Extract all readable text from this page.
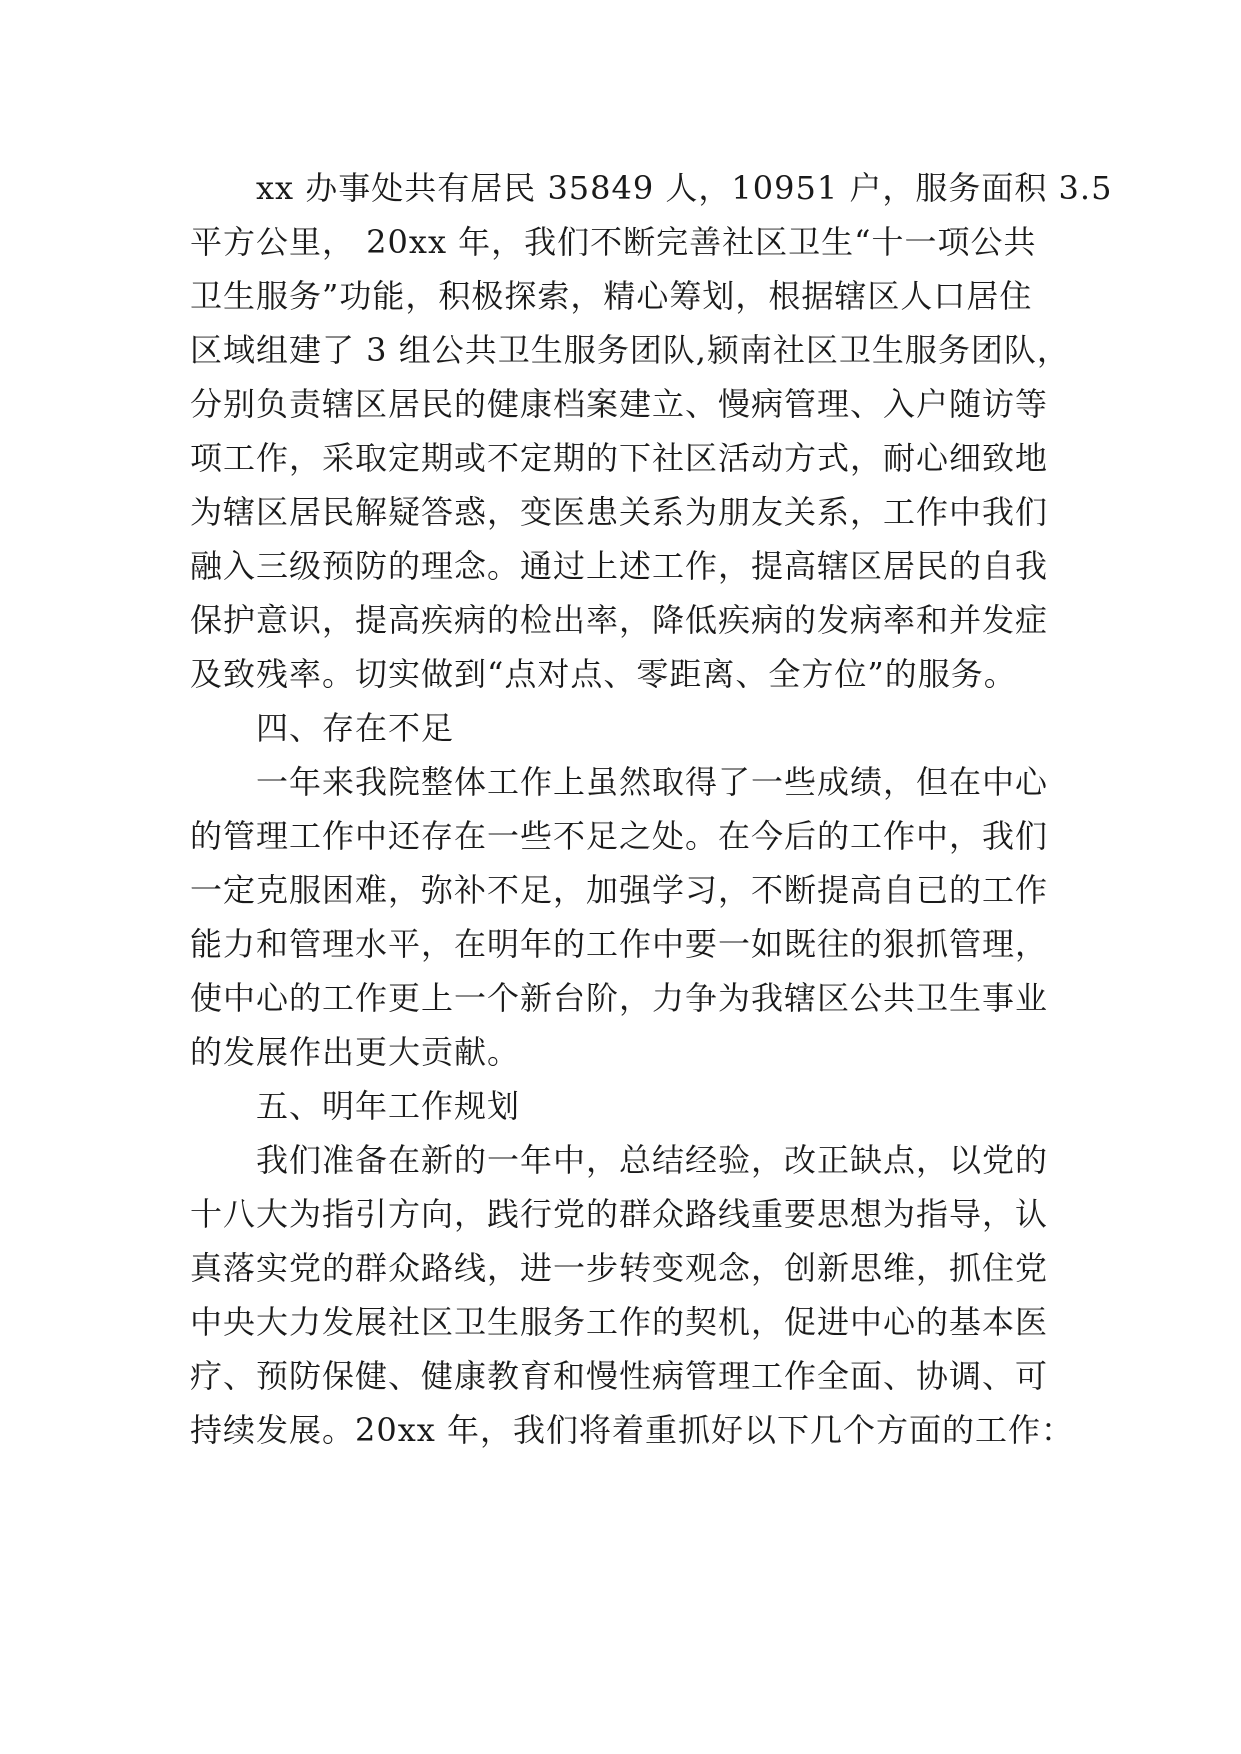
xx 办事处共有居民 35849 人，10951 户，服务面积 3.5
平方公里， 20xx 年，我们不断完善社区卫生“十一项公共
卫生服务”功能，积极探索，精心筹划，根据辖区人口居住
区域组建了 3 组公共卫生服务团队,颍南社区卫生服务团队，
分别负责辖区居民的健康档案建立、慢病管理、入户随访等
项工作，采取定期或不定期的下社区活动方式，耐心细致地
为辖区居民解疑答惑，变医患关系为朋友关系，工作中我们
融入三级预防的理念。通过上述工作，提高辖区居民的自我
保护意识，提高疾病的检出率，降低疾病的发病率和并发症
及致残率。切实做到“点对点、零距离、全方位”的服务。
四、存在不足
一年来我院整体工作上虽然取得了一些成绩，但在中心
的管理工作中还存在一些不足之处。在今后的工作中，我们
一定克服困难，弥补不足，加强学习，不断提高自已的工作
能力和管理水平，在明年的工作中要一如既往的狠抓管理，
使中心的工作更上一个新台阶，力争为我辖区公共卫生事业
的发展作出更大贡献。
五、明年工作规划
我们准备在新的一年中，总结经验，改正缺点，以党的
十八大为指引方向，践行党的群众路线重要思想为指导，认
真落实党的群众路线，进一步转变观念，创新思维，抓住党
中央大力发展社区卫生服务工作的契机，促进中心的基本医
疗、预防保健、健康教育和慢性病管理工作全面、协调、可
持续发展。20xx 年，我们将着重抓好以下几个方面的工作：
